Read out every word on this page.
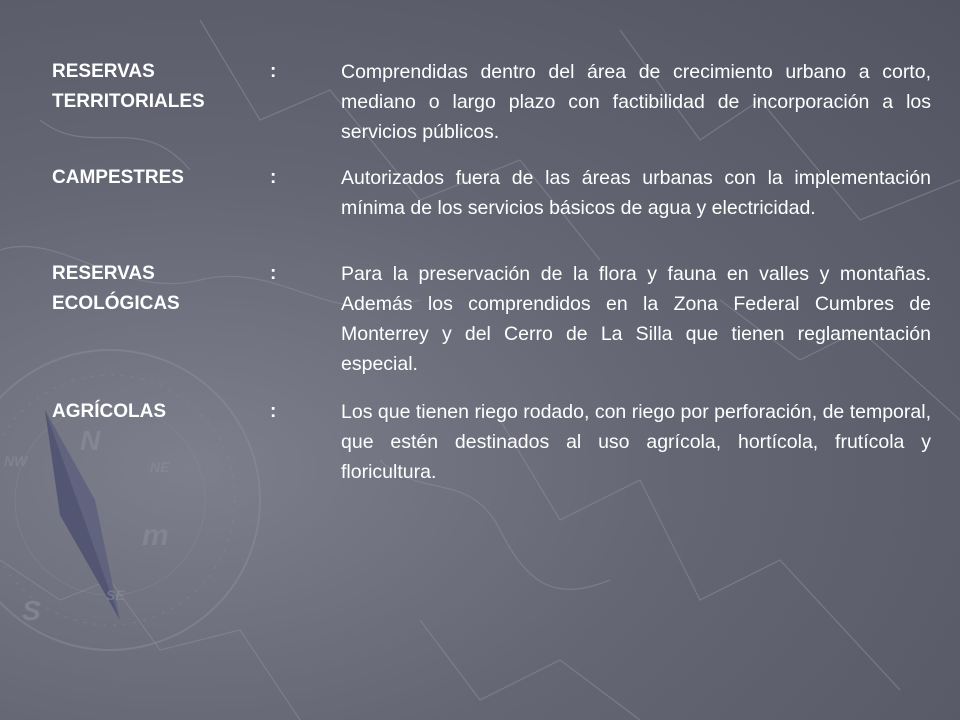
N
S
NW	NE
SE
m
RESERVAS
TERRITORIALES
:	Comprendidas dentro del área de crecimiento urbano a corto, mediano o largo plazo con factibilidad de incorporación a los servicios públicos.
CAMPESTRES	:	Autorizados fuera de las áreas urbanas con la implementación mínima de los servicios básicos de agua y electricidad.
RESERVAS
ECOLÓGICAS
:	Para la preservación de la flora y fauna en valles y montañas. Además los comprendidos en la Zona Federal Cumbres de Monterrey y del Cerro de La Silla que tienen reglamentación especial.
AGRÍCOLAS	:	Los que tienen riego rodado, con riego por perforación, de temporal, que estén destinados al uso agrícola, hortícola, frutícola y floricultura.
